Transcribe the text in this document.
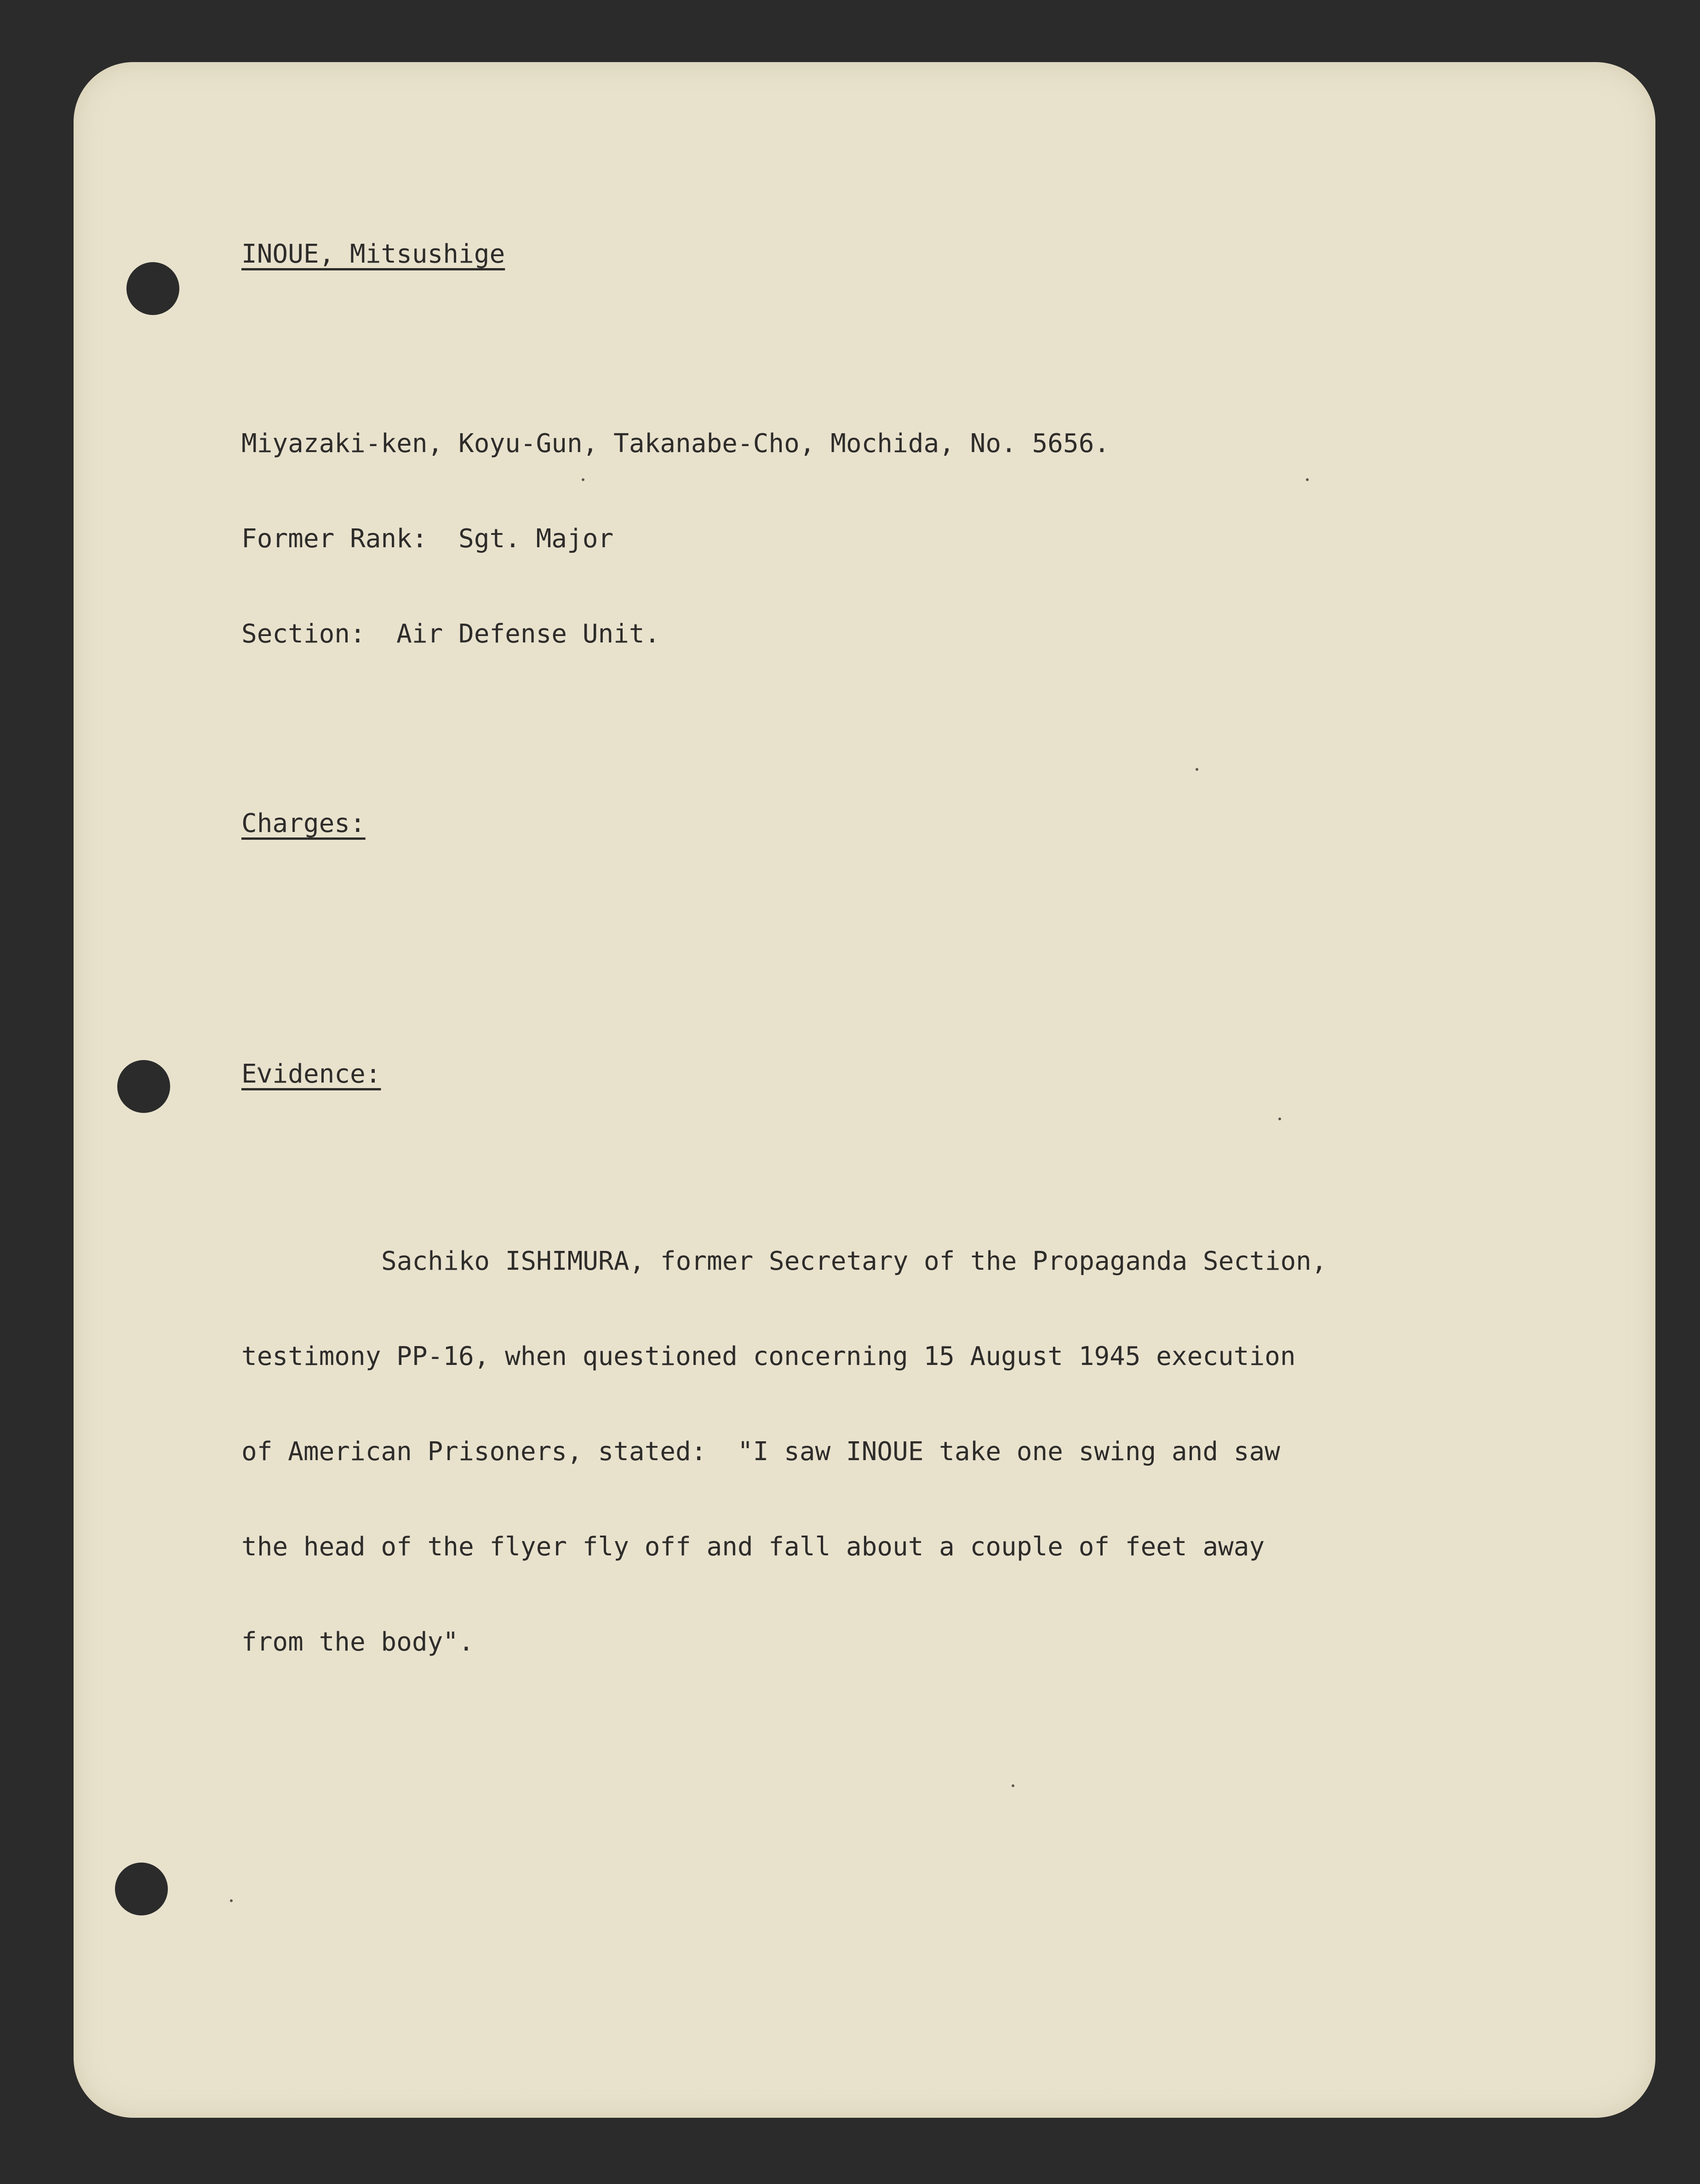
INOUE, Mitsushige

Miyazaki-ken, Koyu-Gun, Takanabe-Cho, Mochida, No. 5656.

Former Rank:  Sgt. Major

Section:  Air Defense Unit.

Charges:

Evidence:

Sachiko ISHIMURA, former Secretary of the Propaganda Section,

testimony PP-16, when questioned concerning 15 August 1945 execution

of American Prisoners, stated:  "I saw INOUE take one swing and saw

the head of the flyer fly off and fall about a couple of feet away

from the body".
